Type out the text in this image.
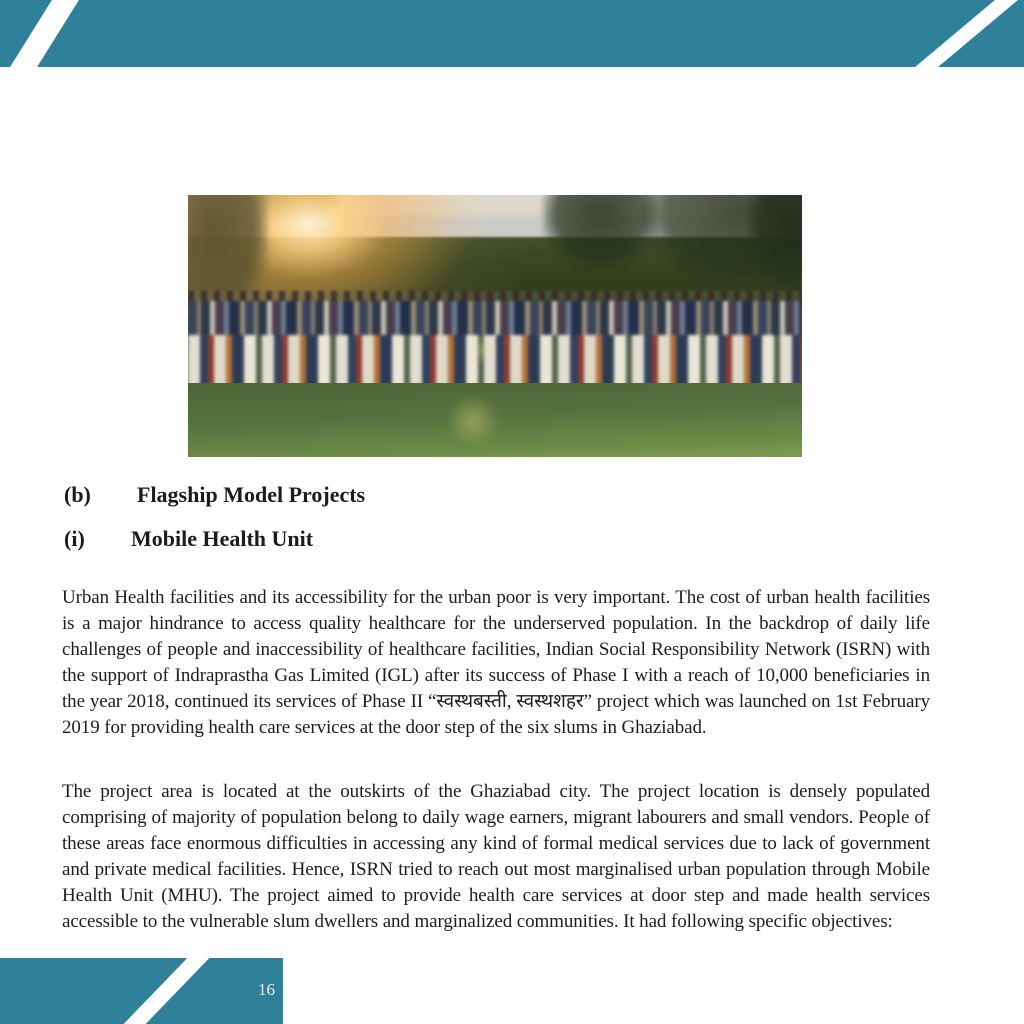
(b) Flagship Model Projects
(i) Mobile Health Unit

Urban Health facilities and its accessibility for the urban poor is very important. The cost of urban health facilities is a major hindrance to access quality healthcare for the underserved population. In the backdrop of daily life challenges of people and inaccessibility of healthcare facilities, Indian Social Responsibility Network (ISRN) with the support of Indraprastha Gas Limited (IGL) after its success of Phase I with a reach of 10,000 beneficiaries in the year 2018, continued its services of Phase II “स्वस्थबस्ती, स्वस्थशहर” project which was launched on 1st February 2019 for providing health care services at the door step of the six slums in Ghaziabad.

The project area is located at the outskirts of the Ghaziabad city. The project location is densely populated comprising of majority of population belong to daily wage earners, migrant labourers and small vendors. People of these areas face enormous difficulties in accessing any kind of formal medical services due to lack of government and private medical facilities. Hence, ISRN tried to reach out most marginalised urban population through Mobile Health Unit (MHU). The project aimed to provide health care services at door step and made health services accessible to the vulnerable slum dwellers and marginalized communities. It had following specific objectives:

16
